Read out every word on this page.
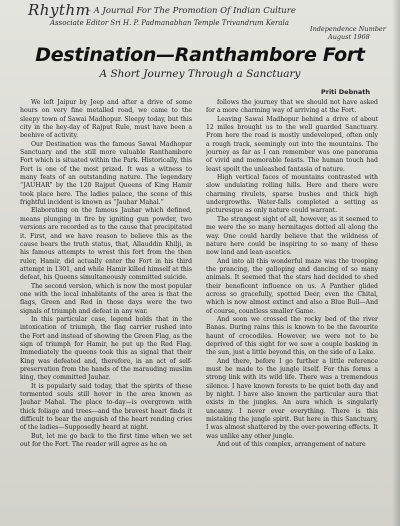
Rhythm
- A Journal For The Promotion Of Indian Culture
Associate Editor Sri H. P. Padmanabhan Temple Trivandrum Kerala
Independence Number
August 1968
Destination—Ranthambore Fort
A Short Journey Through a Sanctuary
Priti Debnath

We left Jaipur by Jeep and after a drive of some hours on very fine metalled road, we came to the sleepy town of Sawai Madhopur. Sleepy today, but this city in the hey-day of Rajput Rule, must have been a beehive of activity.

Our Destination was the famous Sawai Madhopur Sanctuary and the still more valuable Ranthambore Fort which is situated within the Park. Historically, this Fort is one of the most prized. It was a witness to many feats of an outstanding nature. The legendary “JAUHAR” by the 120 Rajput Queens of King Hamir took place here. The ladies palace, the scene of this frightful incident is known as “Jauhar Mahal.”

Elaborating on the famous Jauhar which defined, means plunging in fire by igniting gun powder, two versions are recorded as to the cause that precipitated it. First, and we have reason to believe this as the cause bears the truth status, that, Allauddin Khilji, in his famous attempts to wrest this fort from the then ruler, Hamir, did actually enter the Fort in his third attempt in 1301, and while Hamir killed himself at this defeat, his Queens simultaneously committed suicide.

The second version, which is now the most popular one with the local inhabitants of the area is that the flags, Green and Red in those days were the two signals of triumph and defeat in any war.

In this particular case, legend holds that in the intoxication of triumph, the flag carrier rushed into the Fort and instead of showing the Green Flag, as the sign of triumph for Hamir, he put up the Red Flag. Immediately the queens took this as signal that their King was defeated and, therefore, in an act of self-preservation from the hands of the marauding muslim king, they committed Jauhar.

It is popularly said today, that the spirits of these tormented souls still hover in the area known as Jauhar Mahal. The place to-day—is overgrown with thick foliage and trees—and the bravest heart finds it difficult to bear the anguish of the heart rending cries of the ladies—Supposedly heard at night.

But, let me go back to the first time when we set out for the Fort. The reader will agree as he on

follows the journey that we should not have asked for a more charming way of arriving at the Fort.

Leaving Sawai Madhopur behind a drive of about 12 miles brought us to the well guarded Sanctuary. From here the road is mostly undeveloped, often only a rough track, seemingly out into the mountains. The journey as far as I can remember was one panorama of vivid and memorable feasts. The human touch had least spoilt the unleashed fantasia of nature.

High vertical faces of mountains contrasted with slow undulating rolling hills. Here and there were charming rivulets, sparse bushes and thick high undergrowths. Water-falls completed a setting as picturesque as only nature could warrant.

The strangest sight of all, however, as it seemed to me were the so many hermitages dotted all along the way. One could hardly believe that the wildness of nature here could be inspiring to so many of these now land and lean ascetics.

And into all this wonderful maze was the trooping the prancing, the galloping and dancing of so many animals. It seemed that the stars had decided to shed their beneficent influence on us. A Panther glided across so gracefully, spotted Deer, even the Chital, which is now almost extinct and also a Blue Bull—And of course, countless smaller Game.

And soon we crossed the rocky bed of the river Banas. During rains this is known to be the favourite haunt of crocodiles. However, we were not to be deprived of this sight for we saw a couple basking in the sun, just a little beyond this, on the side of a Lake.

And there, before I go further a little reference must be made to the jungle itself. For this forms a strong link with its wild life. There was a tremendous silence. I have known forests to be quiet both day and by night. I have also known the particular aura that exists in the jungles. An aura which is singularly uncanny. I never ever everything. There is this mistaking the jungle spirit. But here in this Sanctuary, I was almost shattered by the over-powering effects. It was unlike any other jungle.

And out of this complex, arrangement of nature
